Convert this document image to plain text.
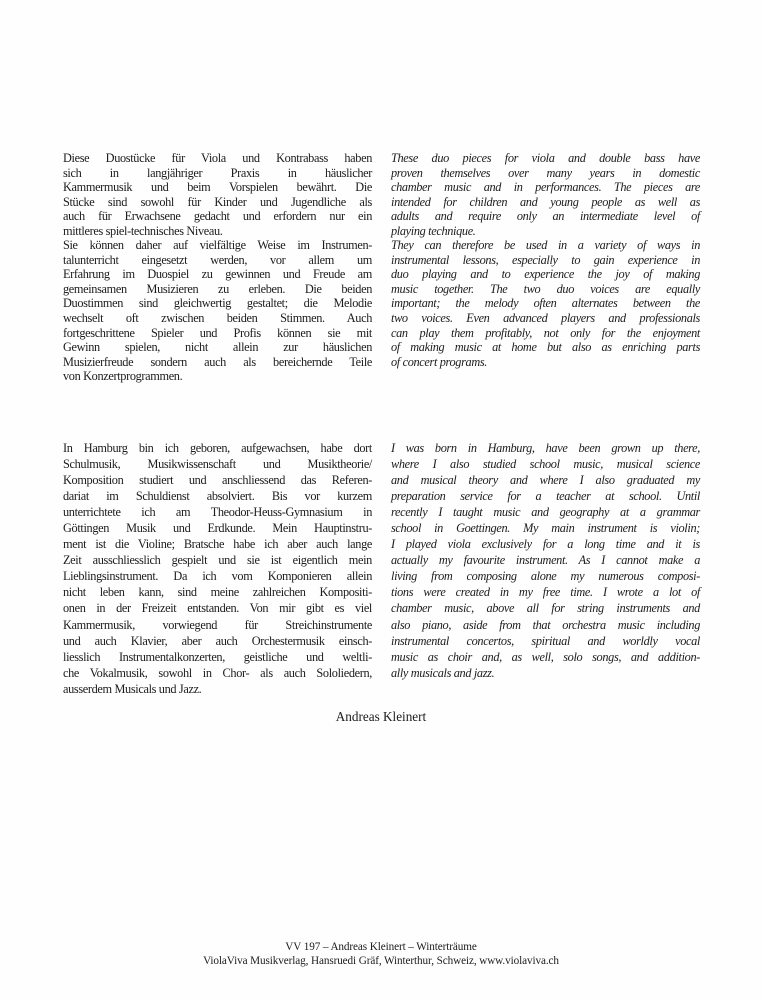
Diese Duostücke für Viola und Kontrabass haben
sich in langjähriger Praxis in häuslicher
Kammermusik und beim Vorspielen bewährt. Die
Stücke sind sowohl für Kinder und Jugendliche als
auch für Erwachsene gedacht und erfordern nur ein
mittleres spiel-technisches Niveau.
Sie können daher auf vielfältige Weise im Instrumen-
talunterricht eingesetzt werden, vor allem um
Erfahrung im Duospiel zu gewinnen und Freude am
gemeinsamen Musizieren zu erleben. Die beiden
Duostimmen sind gleichwertig gestaltet; die Melodie
wechselt oft zwischen beiden Stimmen. Auch
fortgeschrittene Spieler und Profis können sie mit
Gewinn spielen, nicht allein zur häuslichen
Musizierfreude sondern auch als bereichernde Teile
von Konzertprogrammen.
These duo pieces for viola and double bass have
proven themselves over many years in domestic
chamber music and in performances. The pieces are
intended for children and young people as well as
adults and require only an intermediate level of
playing technique.
They can therefore be used in a variety of ways in
instrumental lessons, especially to gain experience in
duo playing and to experience the joy of making
music together. The two duo voices are equally
important; the melody often alternates between the
two voices. Even advanced players and professionals
can play them profitably, not only for the enjoyment
of making music at home but also as enriching parts
of concert programs.
In Hamburg bin ich geboren, aufgewachsen, habe dort
Schulmusik, Musikwissenschaft und Musiktheorie/
Komposition studiert und anschliessend das Referen-
dariat im Schuldienst absolviert. Bis vor kurzem
unterrichtete ich am Theodor-Heuss-Gymnasium in
Göttingen Musik und Erdkunde. Mein Hauptinstru-
ment ist die Violine; Bratsche habe ich aber auch lange
Zeit ausschliesslich gespielt und sie ist eigentlich mein
Lieblingsinstrument. Da ich vom Komponieren allein
nicht leben kann, sind meine zahlreichen Kompositi-
onen in der Freizeit entstanden. Von mir gibt es viel
Kammermusik, vorwiegend für Streichinstrumente
und auch Klavier, aber auch Orchestermusik einsch-
liesslich Instrumentalkonzerten, geistliche und weltli-
che Vokalmusik, sowohl in Chor- als auch Sololiedern,
ausserdem Musicals und Jazz.
I was born in Hamburg, have been grown up there,
where I also studied school music, musical science
and musical theory and where I also graduated my
preparation service for a teacher at school. Until
recently I taught music and geography at a grammar
school in Goettingen. My main instrument is violin;
I played viola exclusively for a long time and it is
actually my favourite instrument. As I cannot make a
living from composing alone my numerous composi-
tions were created in my free time. I wrote a lot of
chamber music, above all for string instruments and
also piano, aside from that orchestra music including
instrumental concertos, spiritual and worldly vocal
music as choir and, as well, solo songs, and addition-
ally musicals and jazz.
Andreas Kleinert
VV 197 – Andreas Kleinert – Winterträume
ViolaViva Musikverlag, Hansruedi Gräf, Winterthur, Schweiz, www.violaviva.ch
